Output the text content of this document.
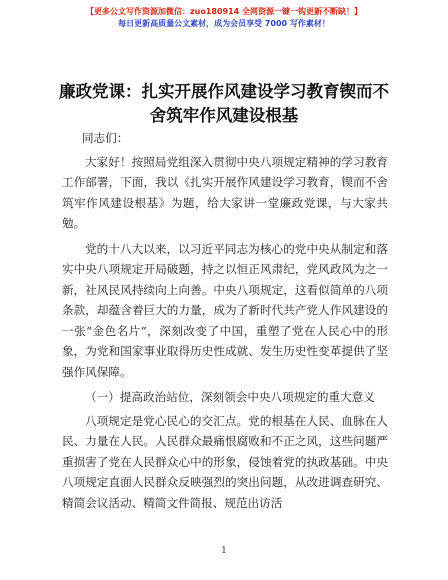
【更多公文写作资源加微信：zuo180914 全网资源一键一钩更新不断缺！】
每日更新高质量公文素材，成为会员享受 7000 写作素材！
廉政党课：扎实开展作风建设学习教育锲而不舍筑牢作风建设根基
同志们：

大家好！按照局党组深入贯彻中央八项规定精神的学习教育工作部署，下面，我以《扎实开展作风建设学习教育，锲而不舍筑牢作风建设根基》为题，给大家讲一堂廉政党课，与大家共勉。

党的十八大以来，以习近平同志为核心的党中央从制定和落实中央八项规定开局破题，持之以恒正风肃纪，党风政风为之一新，社风民风持续向上向善。中央八项规定，这看似简单的八项条款，却蕴含着巨大的力量，成为了新时代共产党人作风建设的一张“金色名片”，深刻改变了中国，重塑了党在人民心中的形象，为党和国家事业取得历史性成就、发生历史性变革提供了坚强作风保障。

（一）提高政治站位，深刻领会中央八项规定的重大意义

八项规定是党心民心的交汇点。党的根基在人民、血脉在人民、力量在人民。人民群众最痛恨腐败和不正之风，这些问题严重损害了党在人民群众心中的形象，侵蚀着党的执政基础。中央八项规定直面人民群众反映强烈的突出问题，从改进调查研究、精简会议活动、精简文件简报、规范出访活

1
